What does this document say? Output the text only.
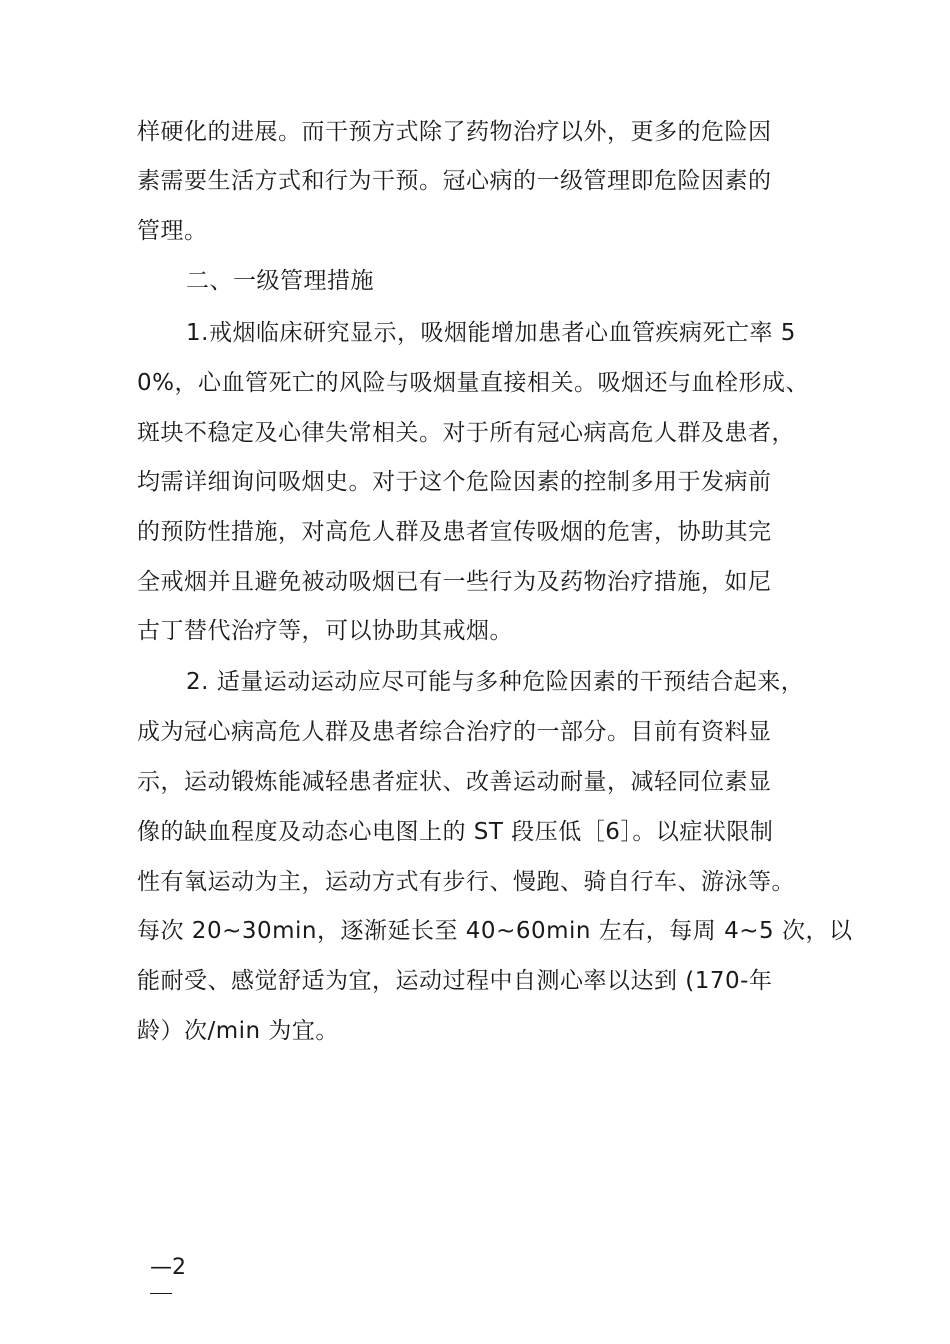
样硬化的进展。而干预方式除了药物治疗以外，更多的危险因
素需要生活方式和行为干预。冠心病的一级管理即危险因素的
管理。
二、一级管理措施
1.戒烟临床研究显示，吸烟能增加患者心血管疾病死亡率 5
0%，心血管死亡的风险与吸烟量直接相关。吸烟还与血栓形成、
斑块不稳定及心律失常相关。对于所有冠心病高危人群及患者，
均需详细询问吸烟史。对于这个危险因素的控制多用于发病前
的预防性措施，对高危人群及患者宣传吸烟的危害，协助其完
全戒烟并且避免被动吸烟已有一些行为及药物治疗措施，如尼
古丁替代治疗等，可以协助其戒烟。
2. 适量运动运动应尽可能与多种危险因素的干预结合起来，
成为冠心病高危人群及患者综合治疗的一部分。目前有资料显
示，运动锻炼能减轻患者症状、改善运动耐量，减轻同位素显
像的缺血程度及动态心电图上的 ST 段压低［6］。以症状限制
性有氧运动为主，运动方式有步行、慢跑、骑自行车、游泳等。
每次 20~30min，逐渐延长至 40~60min 左右，每周 4~5 次，以
能耐受、感觉舒适为宜，运动过程中自测心率以达到 (170-年
龄）次/min 为宜。
—2
